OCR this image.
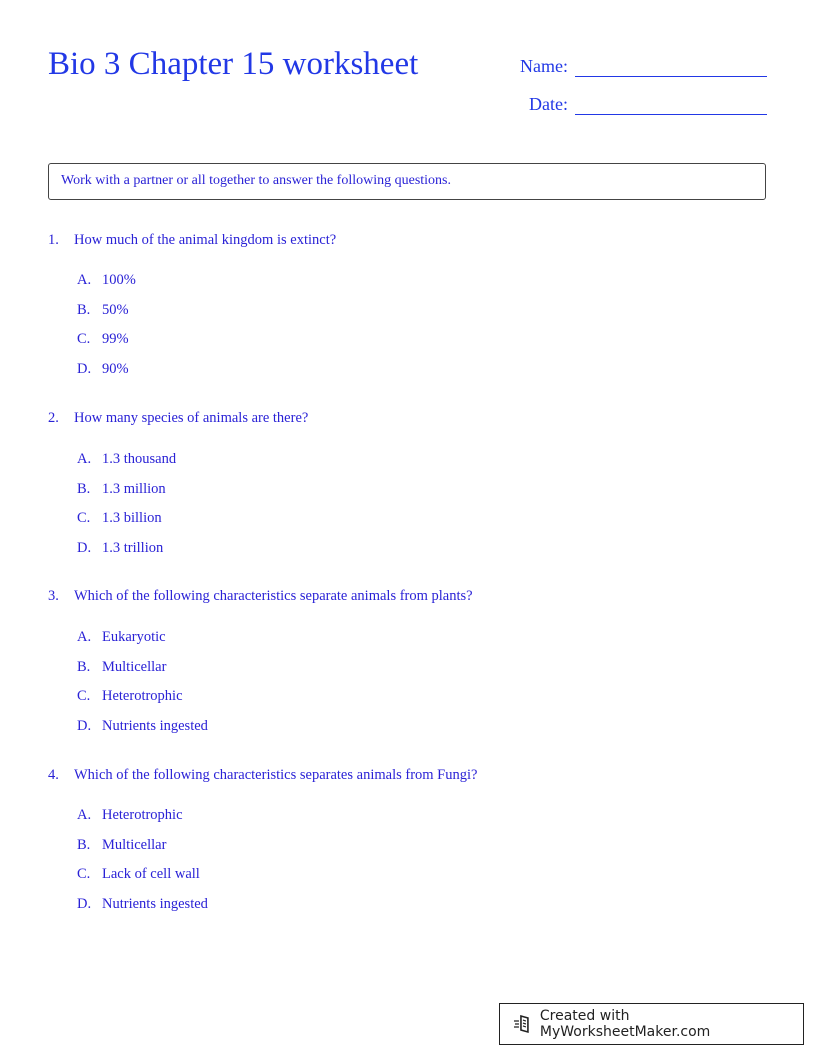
Bio 3 Chapter 15 worksheet	Name:
Date:
Work with a partner or all together to answer the following questions.
1. How much of the animal kingdom is extinct?
A. 100%
B. 50%
C. 99%
D. 90%
2. How many species of animals are there?
A. 1.3 thousand
B. 1.3 million
C. 1.3 billion
D. 1.3 trillion
3. Which of the following characteristics separate animals from plants?
A. Eukaryotic
B. Multicellar
C. Heterotrophic
D. Nutrients ingested
4. Which of the following characteristics separates animals from Fungi?
A. Heterotrophic
B. Multicellar
C. Lack of cell wall
D. Nutrients ingested
Created with MyWorksheetMaker.com
